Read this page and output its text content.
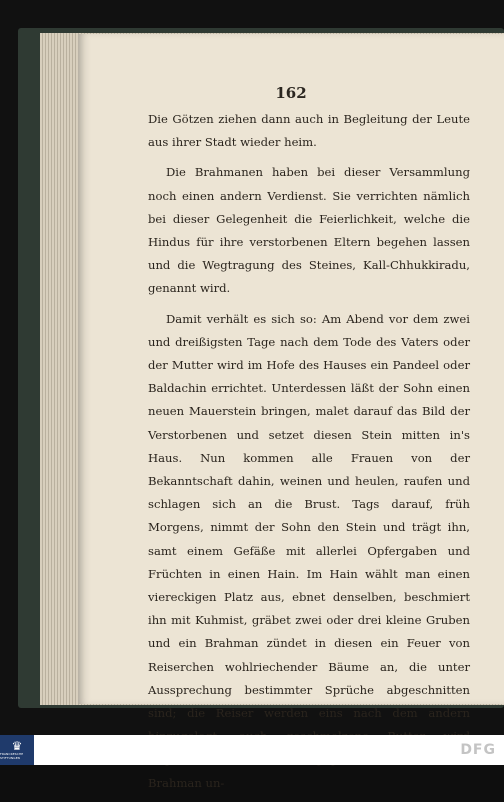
162

Die Götzen ziehen dann auch in Begleitung der Leute aus ihrer Stadt wieder heim.

Die Brahmanen haben bei dieser Versammlung noch einen andern Verdienst. Sie verrichten nämlich bei dieser Gelegenheit die Feierlichkeit, welche die Hindus für ihre verstorbenen Eltern begehen lassen und die Wegtragung des Steines, Kall-Chhukkiradu, genannt wird.

Damit verhält es sich so: Am Abend vor dem zwei und dreißigsten Tage nach dem Tode des Vaters oder der Mutter wird im Hofe des Hauses ein Pandeel oder Baldachin errichtet. Unterdessen läßt der Sohn einen neuen Mauerstein bringen, malet darauf das Bild der Verstorbenen und setzet diesen Stein mitten in's Haus. Nun kommen alle Frauen von der Bekanntschaft dahin, weinen und heulen, raufen und schlagen sich an die Brust. Tags darauf, früh Morgens, nimmt der Sohn den Stein und trägt ihn, samt einem Gefäße mit allerlei Opfergaben und Früchten in einen Hain. Im Hain wählt man einen viereckigen Platz aus, ebnet denselben, beschmiert ihn mit Kuhmist, gräbet zwei oder drei kleine Gruben und ein Brahman zündet in diesen ein Feuer von Reiserchen wohlriechender Bäume an, die unter Aussprechung bestimmter Sprüche abgeschnitten sind; die Reiser werden eins nach dem andern Brahman un-

♛
FRANCKESCHE STIFTUNGEN	DFG
